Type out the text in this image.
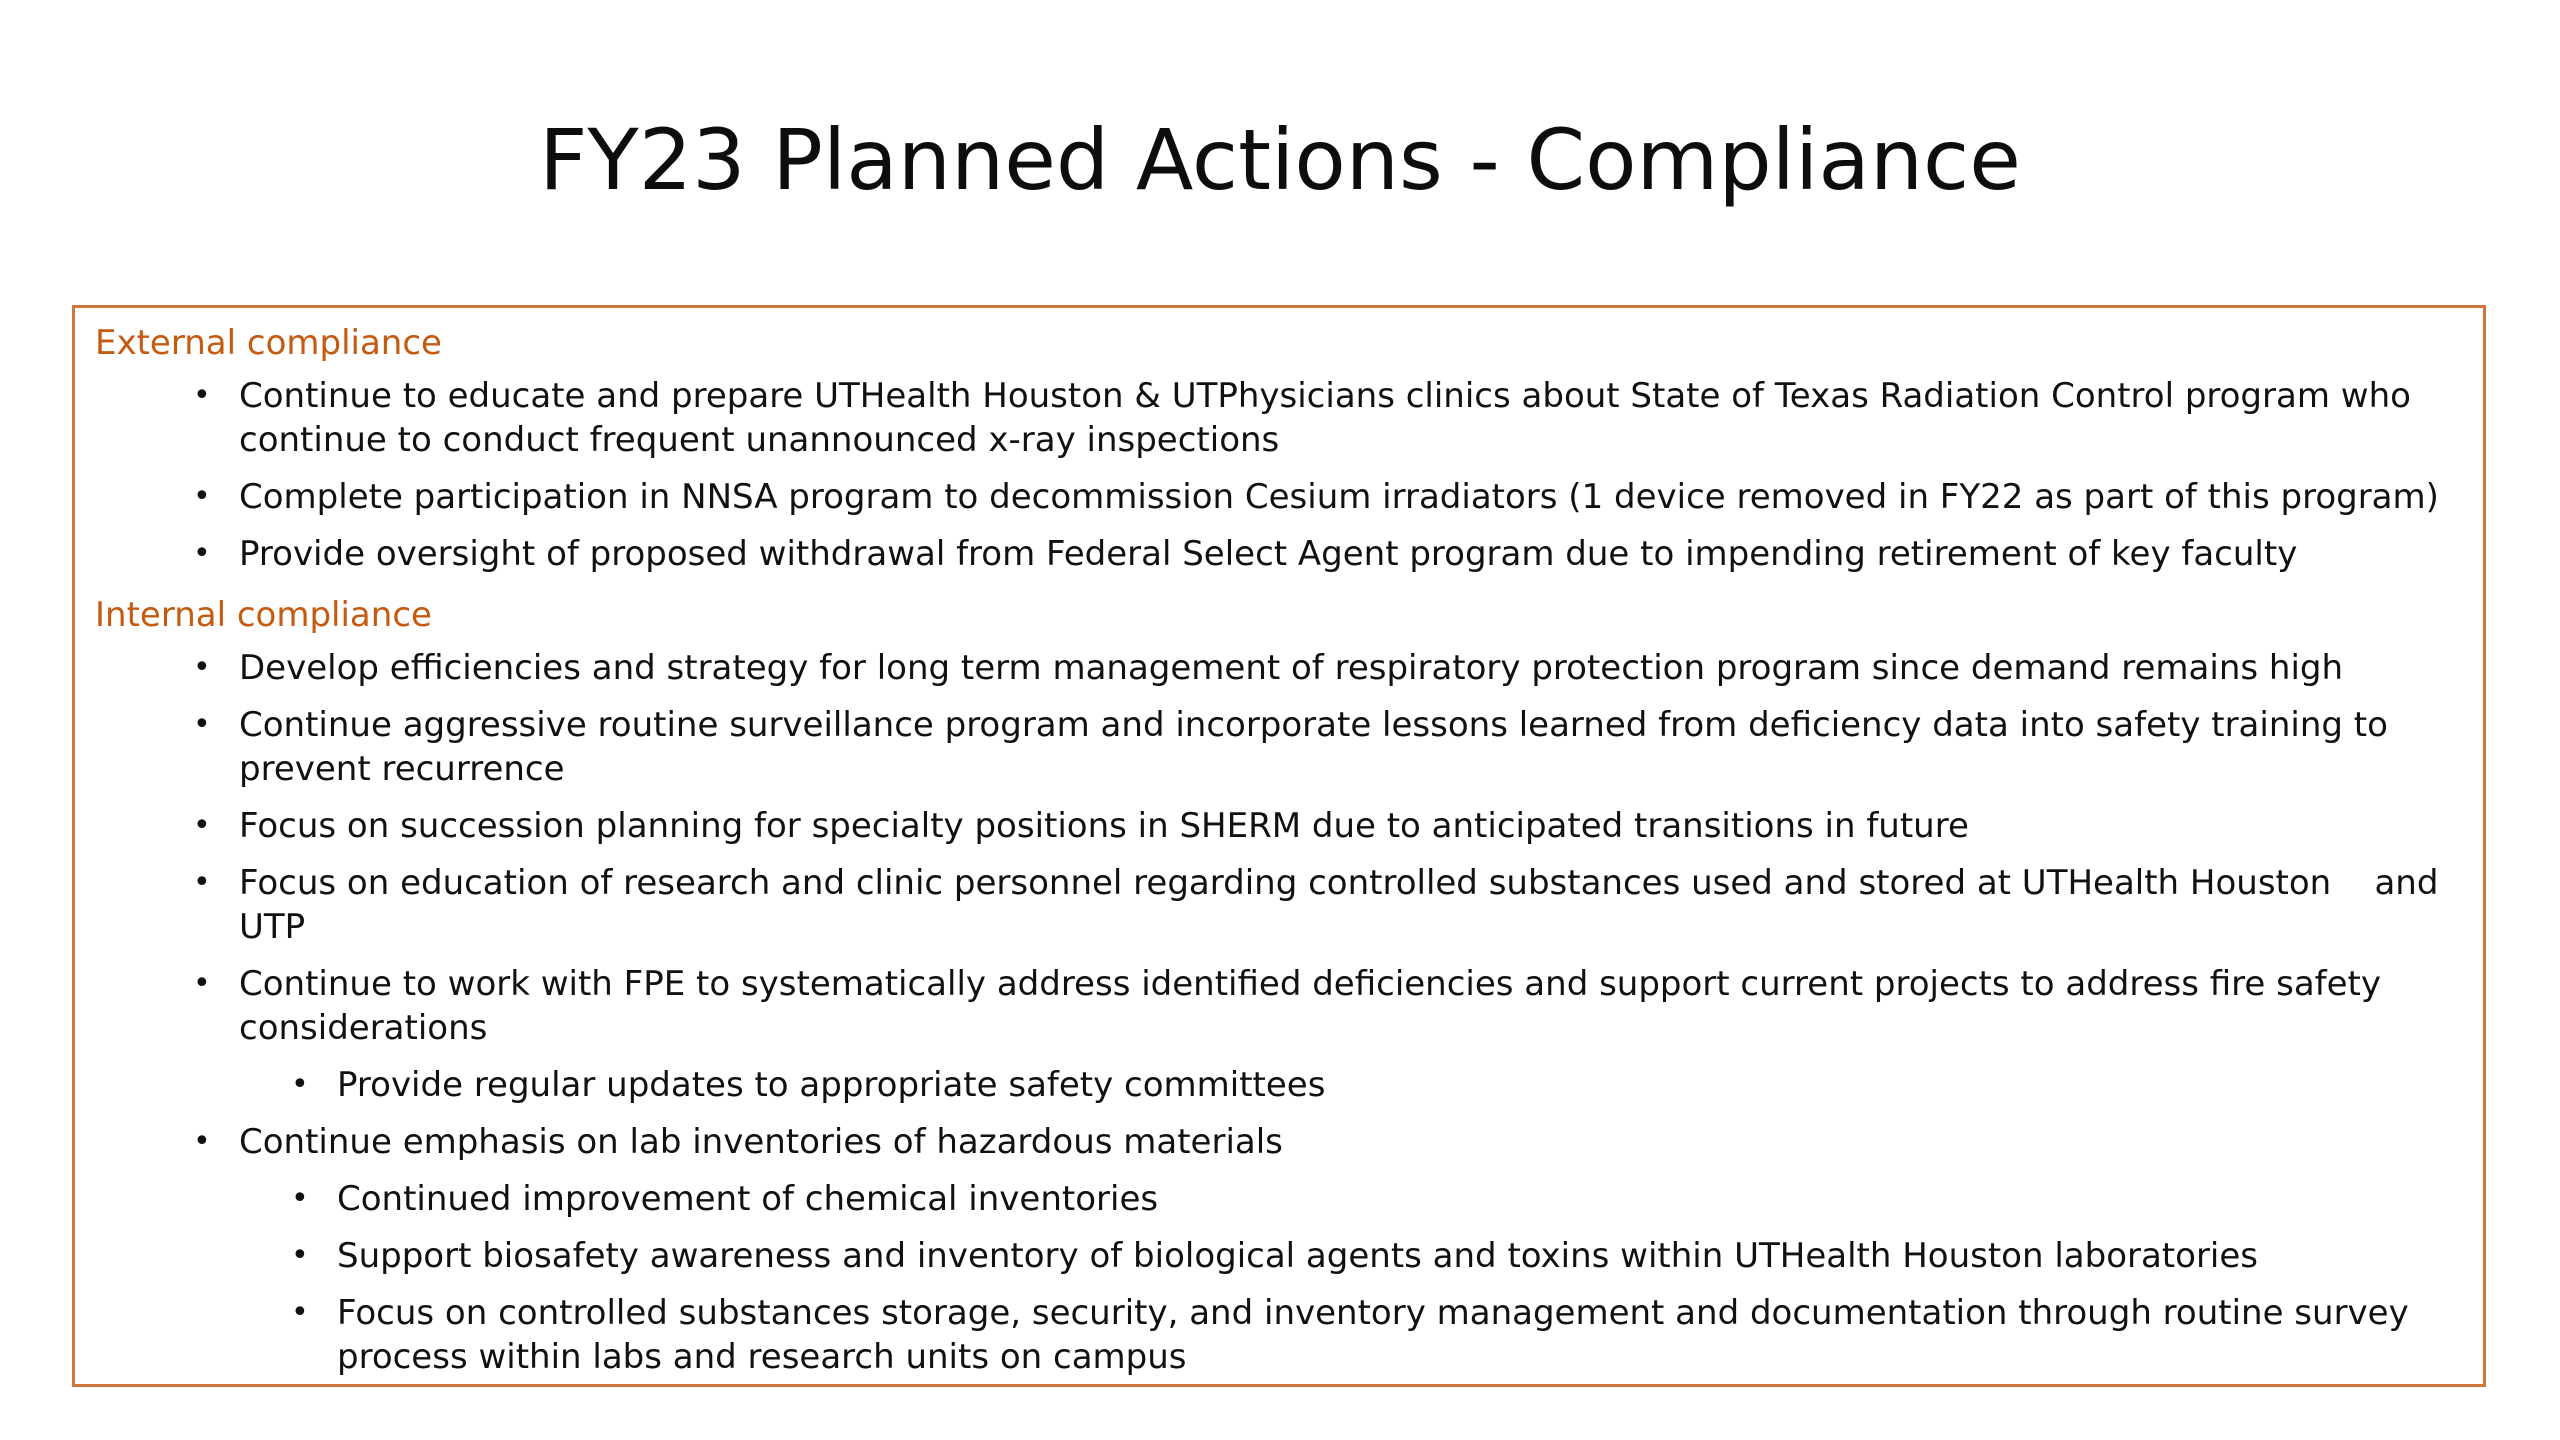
FY23 Planned Actions - Compliance
External compliance
• Continue to educate and prepare UTHealth Houston & UTPhysicians clinics about State of Texas Radiation Control program who continue to conduct frequent unannounced x-ray inspections
• Complete participation in NNSA program to decommission Cesium irradiators (1 device removed in FY22 as part of this program)
• Provide oversight of proposed withdrawal from Federal Select Agent program due to impending retirement of key faculty
Internal compliance
• Develop efficiencies and strategy for long term management of respiratory protection program since demand remains high
• Continue aggressive routine surveillance program and incorporate lessons learned from deficiency data into safety training to prevent recurrence
• Focus on succession planning for specialty positions in SHERM due to anticipated transitions in future
• Focus on education of research and clinic personnel regarding controlled substances used and stored at UTHealth Houston    and UTP
• Continue to work with FPE to systematically address identified deficiencies and support current projects to address fire safety considerations
• Provide regular updates to appropriate safety committees
• Continue emphasis on lab inventories of hazardous materials
• Continued improvement of chemical inventories
• Support biosafety awareness and inventory of biological agents and toxins within UTHealth Houston laboratories
• Focus on controlled substances storage, security, and inventory management and documentation through routine survey process within labs and research units on campus
